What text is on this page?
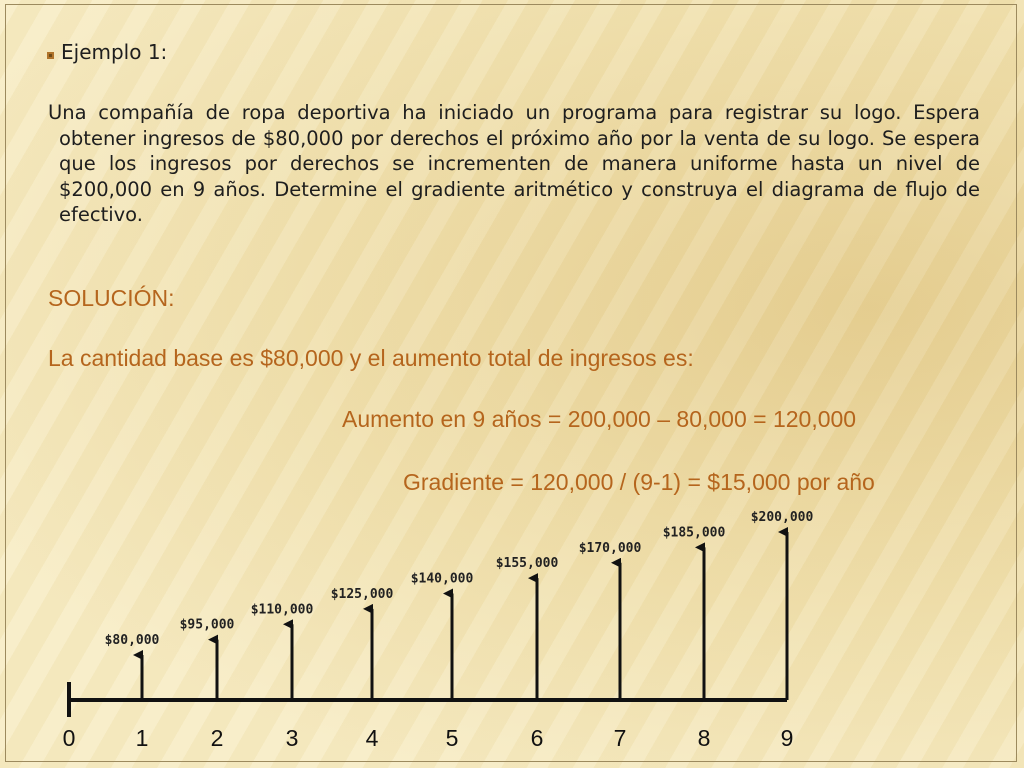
Ejemplo 1:
Una compañía de ropa deportiva ha iniciado un programa para registrar su logo. Espera obtener ingresos de $80,000 por derechos el próximo año por la venta de su logo. Se espera que los ingresos por derechos se incrementen de manera uniforme hasta un nivel de $200,000 en 9 años. Determine el gradiente aritmético y construya el diagrama de flujo de efectivo.
SOLUCIÓN:
La cantidad base es $80,000 y el aumento total de ingresos es:
Aumento en 9 años = 200,000 – 80,000 = 120,000
Gradiente = 120,000 / (9-1) = $15,000 por año
$80,000
$95,000
$110,000
$125,000
$140,000
$155,000
$170,000
$185,000
$200,000
0	1	2	3	4	5	6	7	8	9
